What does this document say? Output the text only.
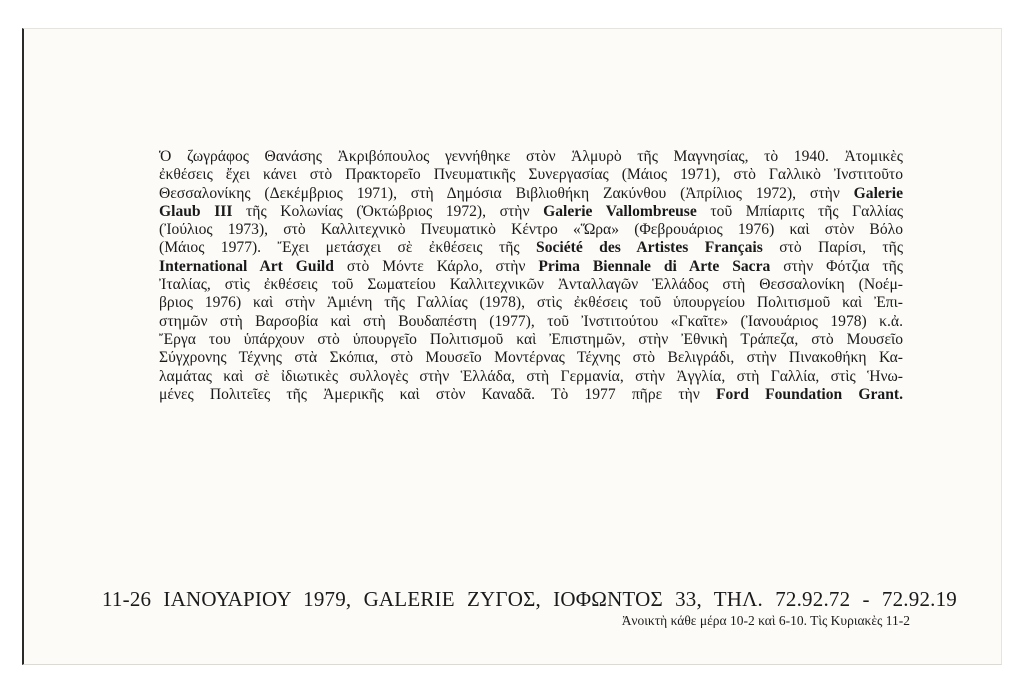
Ὁ ζωγράφος Θανάσης Ἀκριβόπουλος γεννήθηκε στὸν Ἁλμυρὸ τῆς Μαγνησίας, τὸ 1940. Ἀτομικὲς
ἐκθέσεις ἔχει κάνει στὸ Πρακτορεῖο Πνευματικῆς Συνεργασίας (Μάιος 1971), στὸ Γαλλικὸ Ἰνστιτοῦτο
Θεσσαλονίκης (Δεκέμβριος 1971), στὴ Δημόσια Βιβλιοθήκη Ζακύνθου (Ἀπρίλιος 1972), στὴν Galerie
Glaub III τῆς Κολωνίας (Ὀκτώβριος 1972), στὴν Galerie Vallombreuse τοῦ Μπίαριτς τῆς Γαλλίας
(Ἰούλιος 1973), στὸ Καλλιτεχνικὸ Πνευματικὸ Κέντρο «Ὥρα» (Φεβρουάριος 1976) καὶ στὸν Βόλο
(Μάιος 1977). Ἔχει μετάσχει σὲ ἐκθέσεις τῆς Société des Artistes Français στὸ Παρίσι, τῆς
International Art Guild στὸ Μόντε Κάρλο, στὴν Prima Biennale di Arte Sacra στὴν Φότζια τῆς
Ἰταλίας, στὶς ἐκθέσεις τοῦ Σωματείου Καλλιτεχνικῶν Ἀνταλλαγῶν Ἑλλάδος στὴ Θεσσαλονίκη (Νοέμ-
βριος 1976) καὶ στὴν Ἀμιένη τῆς Γαλλίας (1978), στὶς ἐκθέσεις τοῦ ὑπουργείου Πολιτισμοῦ καὶ Ἐπι-
στημῶν στὴ Βαρσοβία καὶ στὴ Βουδαπέστη (1977), τοῦ Ἰνστιτούτου «Γκαῖτε» (Ἰανουάριος 1978) κ.ἀ.
Ἔργα του ὑπάρχουν στὸ ὑπουργεῖο Πολιτισμοῦ καὶ Ἐπιστημῶν, στὴν Ἐθνικὴ Τράπεζα, στὸ Μουσεῖο
Σύγχρονης Τέχνης στὰ Σκόπια, στὸ Μουσεῖο Μοντέρνας Τέχνης στὸ Βελιγράδι, στὴν Πινακοθήκη Κα-
λαμάτας καὶ σὲ ἰδιωτικὲς συλλογὲς στὴν Ἑλλάδα, στὴ Γερμανία, στὴν Ἀγγλία, στὴ Γαλλία, στὶς Ἡνω-
μένες Πολιτεῖες τῆς Ἀμερικῆς καὶ στὸν Καναδᾶ. Τὸ 1977 πῆρε τὴν Ford Foundation Grant.
11-26 ΙΑΝΟΥΑΡΙΟΥ 1979, GALERIE ΖΥΓΟΣ, ΙΟΦΩΝΤΟΣ 33, ΤΗΛ. 72.92.72 - 72.92.19
Ἀνοικτὴ κάθε μέρα 10-2 καὶ 6-10. Τὶς Κυριακὲς 11-2
